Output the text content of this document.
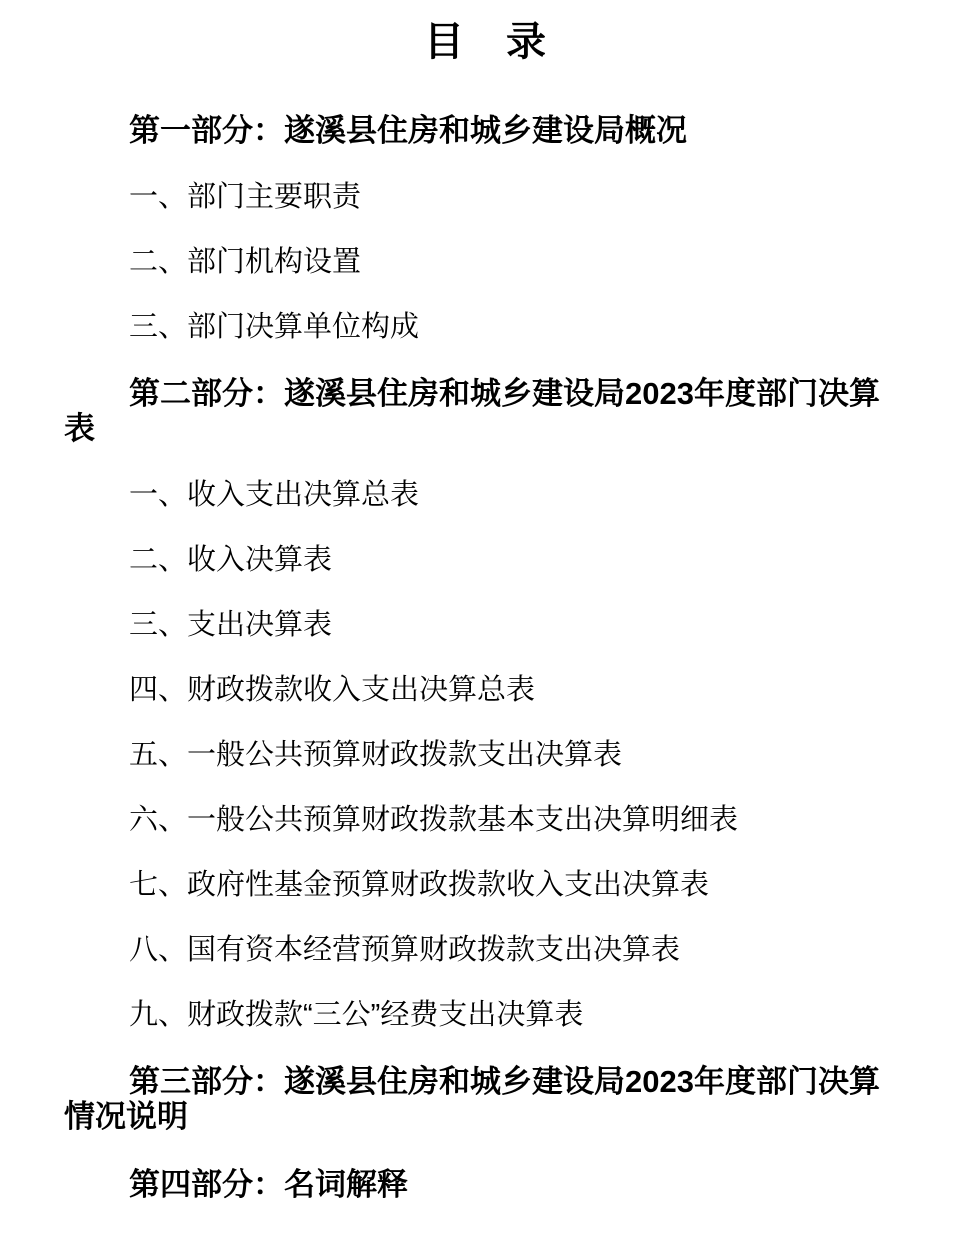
目　录
第一部分：遂溪县住房和城乡建设局概况
一、部门主要职责
二、部门机构设置
三、部门决算单位构成
第二部分：遂溪县住房和城乡建设局2023年度部门决算
表
一、收入支出决算总表
二、收入决算表
三、支出决算表
四、财政拨款收入支出决算总表
五、一般公共预算财政拨款支出决算表
六、一般公共预算财政拨款基本支出决算明细表
七、政府性基金预算财政拨款收入支出决算表
八、国有资本经营预算财政拨款支出决算表
九、财政拨款“三公”经费支出决算表
第三部分：遂溪县住房和城乡建设局2023年度部门决算
情况说明
第四部分：名词解释
